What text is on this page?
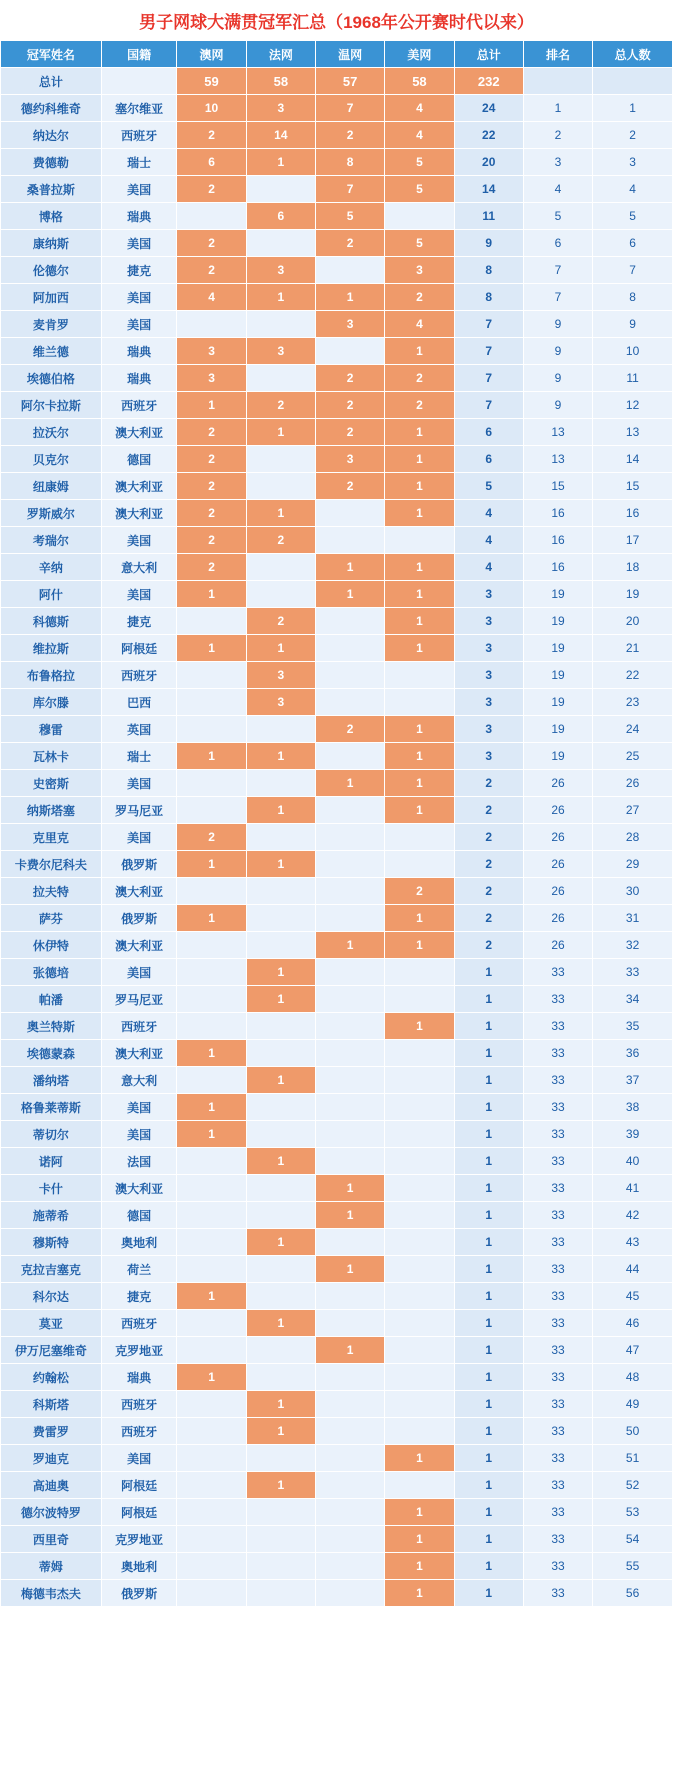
男子网球大满贯冠军汇总（1968年公开赛时代以来）
冠军姓名	国籍	澳网	法网	温网	美网	总计	排名	总人数
总计		59	58	57	58	232		
德约科维奇	塞尔维亚	10	3	7	4	24	1	1
纳达尔	西班牙	2	14	2	4	22	2	2
费德勒	瑞士	6	1	8	5	20	3	3
桑普拉斯	美国	2		7	5	14	4	4
博格	瑞典		6	5		11	5	5
康纳斯	美国	2		2	5	9	6	6
伦德尔	捷克	2	3		3	8	7	7
阿加西	美国	4	1	1	2	8	7	8
麦肯罗	美国			3	4	7	9	9
维兰德	瑞典	3	3		1	7	9	10
埃德伯格	瑞典	3		2	2	7	9	11
阿尔卡拉斯	西班牙	1	2	2	2	7	9	12
拉沃尔	澳大利亚	2	1	2	1	6	13	13
贝克尔	德国	2		3	1	6	13	14
纽康姆	澳大利亚	2		2	1	5	15	15
罗斯威尔	澳大利亚	2	1		1	4	16	16
考瑞尔	美国	2	2			4	16	17
辛纳	意大利	2		1	1	4	16	18
阿什	美国	1		1	1	3	19	19
科德斯	捷克		2		1	3	19	20
维拉斯	阿根廷	1	1		1	3	19	21
布鲁格拉	西班牙		3			3	19	22
库尔滕	巴西		3			3	19	23
穆雷	英国			2	1	3	19	24
瓦林卡	瑞士	1	1		1	3	19	25
史密斯	美国			1	1	2	26	26
纳斯塔塞	罗马尼亚		1		1	2	26	27
克里克	美国	2				2	26	28
卡费尔尼科夫	俄罗斯	1	1			2	26	29
拉夫特	澳大利亚				2	2	26	30
萨芬	俄罗斯	1			1	2	26	31
休伊特	澳大利亚			1	1	2	26	32
张德培	美国		1			1	33	33
帕潘	罗马尼亚		1			1	33	34
奥兰特斯	西班牙				1	1	33	35
埃德蒙森	澳大利亚	1				1	33	36
潘纳塔	意大利		1			1	33	37
格鲁莱蒂斯	美国	1				1	33	38
蒂切尔	美国	1				1	33	39
诺阿	法国		1			1	33	40
卡什	澳大利亚			1		1	33	41
施蒂希	德国			1		1	33	42
穆斯特	奥地利		1			1	33	43
克拉吉塞克	荷兰			1		1	33	44
科尔达	捷克	1				1	33	45
莫亚	西班牙		1			1	33	46
伊万尼塞维奇	克罗地亚			1		1	33	47
约翰松	瑞典	1				1	33	48
科斯塔	西班牙		1			1	33	49
费雷罗	西班牙		1			1	33	50
罗迪克	美国				1	1	33	51
高迪奥	阿根廷		1			1	33	52
德尔波特罗	阿根廷				1	1	33	53
西里奇	克罗地亚				1	1	33	54
蒂姆	奥地利				1	1	33	55
梅德韦杰夫	俄罗斯				1	1	33	56
